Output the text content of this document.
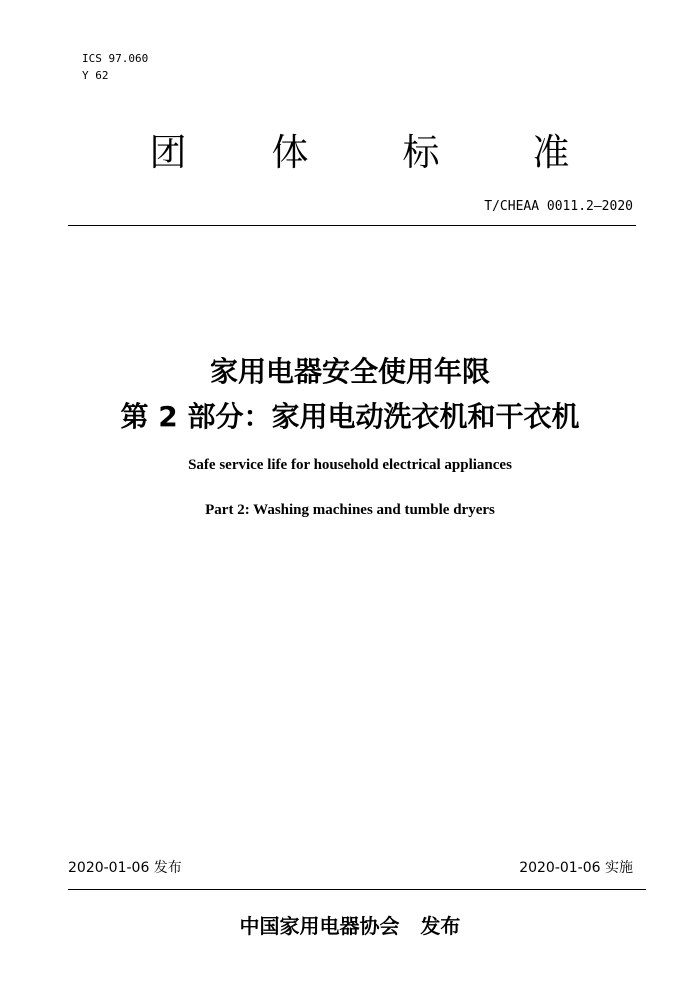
ICS 97.060
Y 62
团	体	标	准
T/CHEAA 0011.2—2020
家用电器安全使用年限
第 2 部分：家用电动洗衣机和干衣机
Safe service life for household electrical appliances
Part 2: Washing machines and tumble dryers
2020-01-06 发布	2020-01-06 实施
中国家用电器协会   发布
